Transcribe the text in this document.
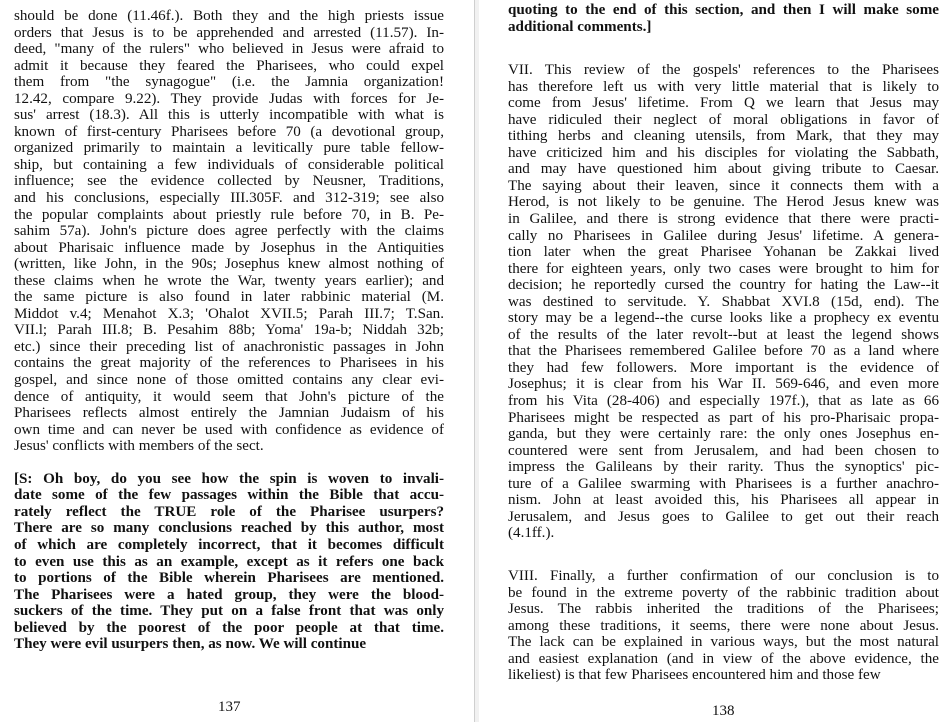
should be done (11.46f.). Both they and the high priests issue
orders that Jesus is to be apprehended and arrested (11.57). In-
deed, "many of the rulers" who believed in Jesus were afraid to
admit it because they feared the Pharisees, who could expel
them from "the synagogue" (i.e. the Jamnia organization!
12.42, compare 9.22). They provide Judas with forces for Je-
sus' arrest (18.3). All this is utterly incompatible with what is
known of first-century Pharisees before 70 (a devotional group,
organized primarily to maintain a levitically pure table fellow-
ship, but containing a few individuals of considerable political
influence; see the evidence collected by Neusner, Traditions,
and his conclusions, especially III.305F. and 312-319; see also
the popular complaints about priestly rule before 70, in B. Pe-
sahim 57a). John's picture does agree perfectly with the claims
about Pharisaic influence made by Josephus in the Antiquities
(written, like John, in the 90s; Josephus knew almost nothing of
these claims when he wrote the War, twenty years earlier); and
the same picture is also found in later rabbinic material (M.
Middot v.4; Menahot X.3; 'Ohalot XVII.5; Parah III.7; T.San.
VII.l; Parah III.8; B. Pesahim 88b; Yoma' 19a-b; Niddah 32b;
etc.) since their preceding list of anachronistic passages in John
contains the great majority of the references to Pharisees in his
gospel, and since none of those omitted contains any clear evi-
dence of antiquity, it would seem that John's picture of the
Pharisees reflects almost entirely the Jamnian Judaism of his
own time and can never be used with confidence as evidence of
Jesus' conflicts with members of the sect.
[S: Oh boy, do you see how the spin is woven to invali-
date some of the few passages within the Bible that accu-
rately reflect the TRUE role of the Pharisee usurpers?
There are so many conclusions reached by this author, most
of which are completely incorrect, that it becomes difficult
to even use this as an example, except as it refers one back
to portions of the Bible wherein Pharisees are mentioned.
The Pharisees were a hated group, they were the blood-
suckers of the time. They put on a false front that was only
believed by the poorest of the poor people at that time.
They were evil usurpers then, as now. We will continue
137
quoting to the end of this section, and then I will make some
additional comments.]
VII. This review of the gospels' references to the Pharisees
has therefore left us with very little material that is likely to
come from Jesus' lifetime. From Q we learn that Jesus may
have ridiculed their neglect of moral obligations in favor of
tithing herbs and cleaning utensils, from Mark, that they may
have criticized him and his disciples for violating the Sabbath,
and may have questioned him about giving tribute to Caesar.
The saying about their leaven, since it connects them with a
Herod, is not likely to be genuine. The Herod Jesus knew was
in Galilee, and there is strong evidence that there were practi-
cally no Pharisees in Galilee during Jesus' lifetime. A genera-
tion later when the great Pharisee Yohanan be Zakkai lived
there for eighteen years, only two cases were brought to him for
decision; he reportedly cursed the country for hating the Law--it
was destined to servitude. Y. Shabbat XVI.8 (15d, end). The
story may be a legend--the curse looks like a prophecy ex eventu
of the results of the later revolt--but at least the legend shows
that the Pharisees remembered Galilee before 70 as a land where
they had few followers. More important is the evidence of
Josephus; it is clear from his War II. 569-646, and even more
from his Vita (28-406) and especially 197f.), that as late as 66
Pharisees might be respected as part of his pro-Pharisaic propa-
ganda, but they were certainly rare: the only ones Josephus en-
countered were sent from Jerusalem, and had been chosen to
impress the Galileans by their rarity. Thus the synoptics' pic-
ture of a Galilee swarming with Pharisees is a further anachro-
nism. John at least avoided this, his Pharisees all appear in
Jerusalem, and Jesus goes to Galilee to get out their reach
(4.1ff.).
VIII. Finally, a further confirmation of our conclusion is to
be found in the extreme poverty of the rabbinic tradition about
Jesus. The rabbis inherited the traditions of the Pharisees;
among these traditions, it seems, there were none about Jesus.
The lack can be explained in various ways, but the most natural
and easiest explanation (and in view of the above evidence, the
likeliest) is that few Pharisees encountered him and those few
138
